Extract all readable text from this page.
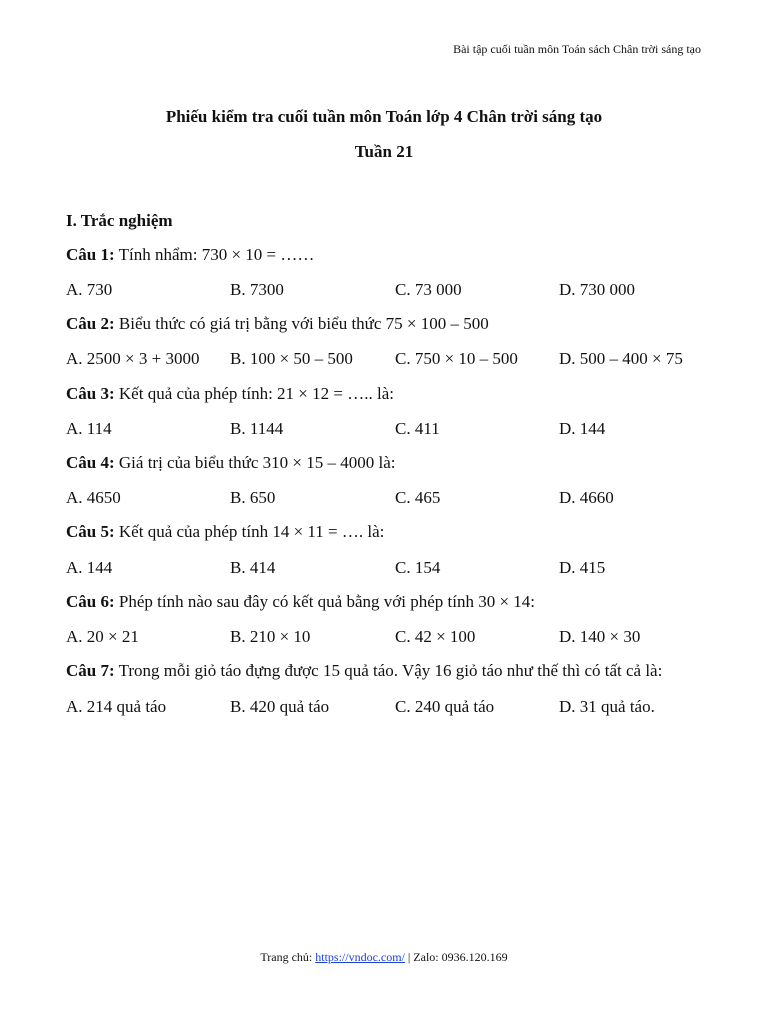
Bài tập cuối tuần môn Toán sách Chân trời sáng tạo
Phiếu kiểm tra cuối tuần môn Toán lớp 4 Chân trời sáng tạo
Tuần 21
I. Trắc nghiệm
Câu 1: Tính nhẩm: 730 × 10 = ……
A. 730	B. 7300	C. 73 000	D. 730 000
Câu 2: Biểu thức có giá trị bằng với biểu thức 75 × 100 – 500
A. 2500 × 3 + 3000 B. 100 × 50 – 500 C. 750 × 10 – 500 D. 500 – 400 × 75
Câu 3: Kết quả của phép tính: 21 × 12 = ….. là:
A. 114	B. 1144	C. 411	D. 144
Câu 4: Giá trị của biểu thức 310 × 15 – 4000 là:
A. 4650	B. 650	C. 465	D. 4660
Câu 5: Kết quả của phép tính 14 × 11 = …. là:
A. 144	B. 414	C. 154	D. 415
Câu 6: Phép tính nào sau đây có kết quả bằng với phép tính 30 × 14:
A. 20 × 21	B. 210 × 10	C. 42 × 100	D. 140 × 30
Câu 7: Trong mỗi giỏ táo đựng được 15 quả táo. Vậy 16 giỏ táo như thế thì có tất cả là:
A. 214 quả táo	B. 420 quả táo	C. 240 quả táo	D. 31 quả táo.
Trang chủ: https://vndoc.com/ | Zalo: 0936.120.169
